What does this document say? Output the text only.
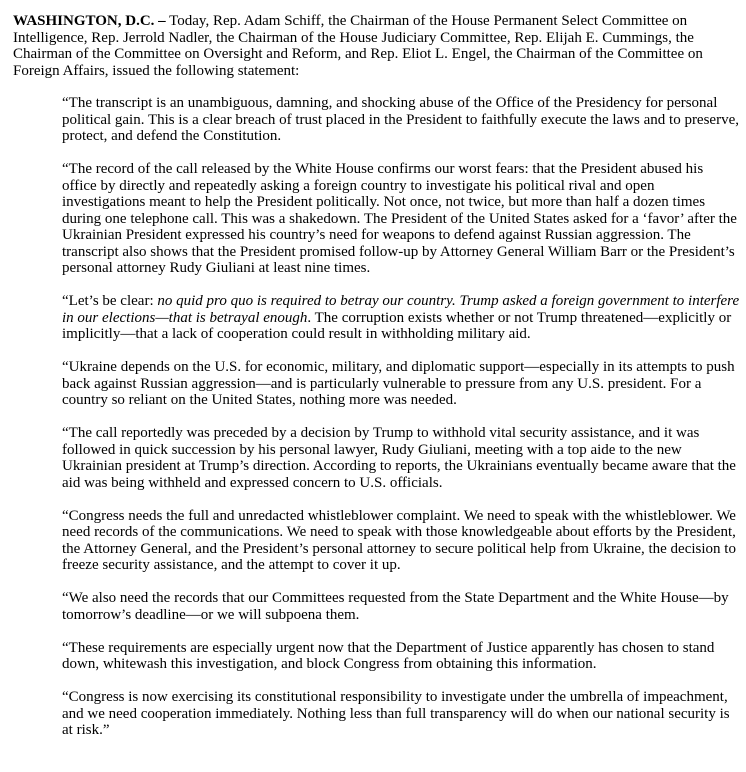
WASHINGTON, D.C. – Today, Rep. Adam Schiff, the Chairman of the House Permanent Select Committee on Intelligence, Rep. Jerrold Nadler, the Chairman of the House Judiciary Committee, Rep. Elijah E. Cummings, the Chairman of the Committee on Oversight and Reform, and Rep. Eliot L. Engel, the Chairman of the Committee on Foreign Affairs, issued the following statement:

“The transcript is an unambiguous, damning, and shocking abuse of the Office of the Presidency for personal political gain. This is a clear breach of trust placed in the President to faithfully execute the laws and to preserve, protect, and defend the Constitution.

“The record of the call released by the White House confirms our worst fears: that the President abused his office by directly and repeatedly asking a foreign country to investigate his political rival and open investigations meant to help the President politically. Not once, not twice, but more than half a dozen times during one telephone call. This was a shakedown. The President of the United States asked for a ‘favor’ after the Ukrainian President expressed his country’s need for weapons to defend against Russian aggression. The transcript also shows that the President promised follow-up by Attorney General William Barr or the President’s personal attorney Rudy Giuliani at least nine times.

“Let’s be clear: no quid pro quo is required to betray our country. Trump asked a foreign government to interfere in our elections—that is betrayal enough. The corruption exists whether or not Trump threatened—explicitly or implicitly—that a lack of cooperation could result in withholding military aid.

“Ukraine depends on the U.S. for economic, military, and diplomatic support—especially in its attempts to push back against Russian aggression—and is particularly vulnerable to pressure from any U.S. president. For a country so reliant on the United States, nothing more was needed.

“The call reportedly was preceded by a decision by Trump to withhold vital security assistance, and it was followed in quick succession by his personal lawyer, Rudy Giuliani, meeting with a top aide to the new Ukrainian president at Trump’s direction. According to reports, the Ukrainians eventually became aware that the aid was being withheld and expressed concern to U.S. officials.

“Congress needs the full and unredacted whistleblower complaint. We need to speak with the whistleblower. We need records of the communications. We need to speak with those knowledgeable about efforts by the President, the Attorney General, and the President’s personal attorney to secure political help from Ukraine, the decision to freeze security assistance, and the attempt to cover it up.

“We also need the records that our Committees requested from the State Department and the White House—by tomorrow’s deadline—or we will subpoena them.

“These requirements are especially urgent now that the Department of Justice apparently has chosen to stand down, whitewash this investigation, and block Congress from obtaining this information.

“Congress is now exercising its constitutional responsibility to investigate under the umbrella of impeachment, and we need cooperation immediately. Nothing less than full transparency will do when our national security is at risk.”
